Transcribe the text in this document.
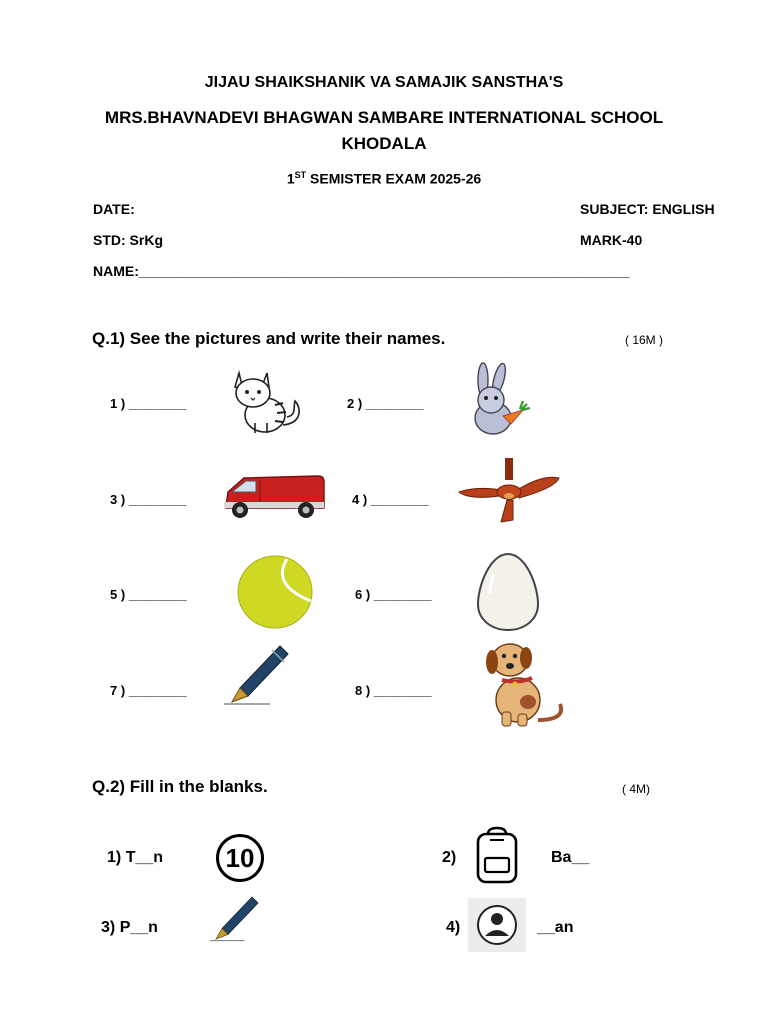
JIJAU SHAIKSHANIK VA SAMAJIK SANSTHA'S
MRS.BHAVNADEVI BHAGWAN SAMBARE INTERNATIONAL SCHOOL
KHODALA
1ST SEMISTER EXAM 2025-26
DATE:	SUBJECT: ENGLISH
STD: SrKg	MARK-40
NAME:_______________________________________________________________
Q.1) See the pictures and write their names.	( 16M )
1 ) ________	2 ) ________
3 ) ________	4 ) ________
5 ) ________	6 ) ________
7 ) ________	8 ) ________
Q.2) Fill in the blanks.	( 4M)
1) T__n	10	2)	Ba__
3) P__n	4)	__an
